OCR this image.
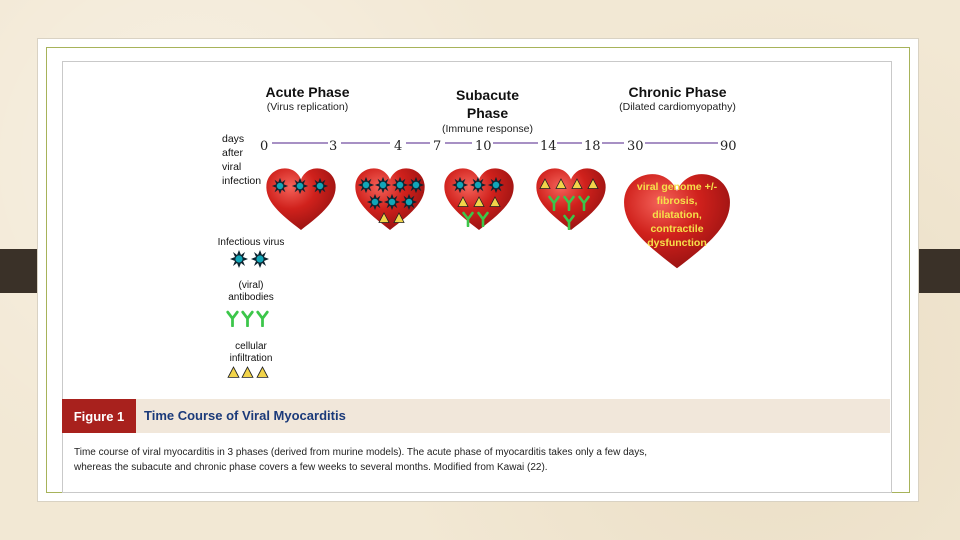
Acute Phase
(Virus replication)
Subacute
Phase
(Immune response)
Chronic Phase
(Dilated cardiomyopathy)
days
after
viral
infection
0	3	4 7	10	14 18 30	90
viral genome +/-
fibrosis,
dilatation,
contractile
dysfunction
Infectious virus
(viral)
antibodies
cellular
infiltration
Figure 1	Time Course of Viral Myocarditis
Time course of viral myocarditis in 3 phases (derived from murine models). The acute phase of myocarditis takes only a few days,
whereas the subacute and chronic phase covers a few weeks to several months. Modified from Kawai (22).
